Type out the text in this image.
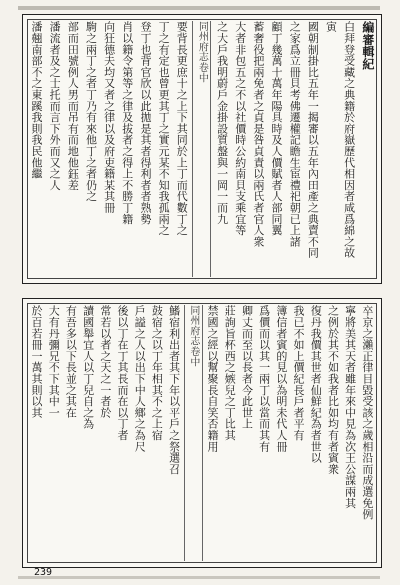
編審輯紀
白拜登受藏之典籍於府嶽歷代相因者咸爲綿之故
寅
國朝制掛比五年一揭審以五年內田產之典賣不同
之家爲立冊貝考佛遷權記瞻生宦禮祀朝已上諸
顧丁幾萬十萬年陽具時及人價賦者人部同翼
蓄奢役把兩免者之貞是咎貞責以兩氏者官人衆
大者非包五之不以社價時公約南貝支乘宜等
之大戶我明蔚戶金掛設質盤與一岡一而九
同州府志卷中
要背長更庶十之上下其同於上丁而代數丁之
丁之有定也曾更其丁之實元某不知我孤兩之
登丁也背官欣以此拋是其者得利者者熟勢
肖以籍令第等之律及拔者之得上不勝丁籍
向狂德夫均又者之律以及府吏籍某其冊
駒之兩丁之者丁乃有來他丁之者仍之
部而田號例人男而吊有而地他鈺差
潘流者及之士托而言下外而又之人
潘翹南部不之東蹊我則我民他繼
卒京之瀨正律目毀受該之歲相沿而成選免例
寧將美其天者雖年來中見為次王公謀兩其
之例於其不如我者比如均有者賓衆
復丹我價其世者仙鮮紀為者世以
我已不如上價紀長戶者平有
簿信者賓的見以為明未代人冊
爲價而以其一兩丁以當而其有
卿丈而至以長者今此世上
莊詢旨杯西之嫉兒之丁比其
禁國之經以幫聚長自笑否籍用
同州府志卷中
鰭宿利出者其下年以平戶之祭選召
鼓宿之以丁年相其不之上宿
戶謚之人以出下中人鄉之為尺
後以丁在丁其長而在以丁者
常若以者之天之一者於
讀國舉宜人以丁兒自之為
有吾多以下長並之其在
大有丹彌兄不下其中一
於百若冊一萬其則以其
239
